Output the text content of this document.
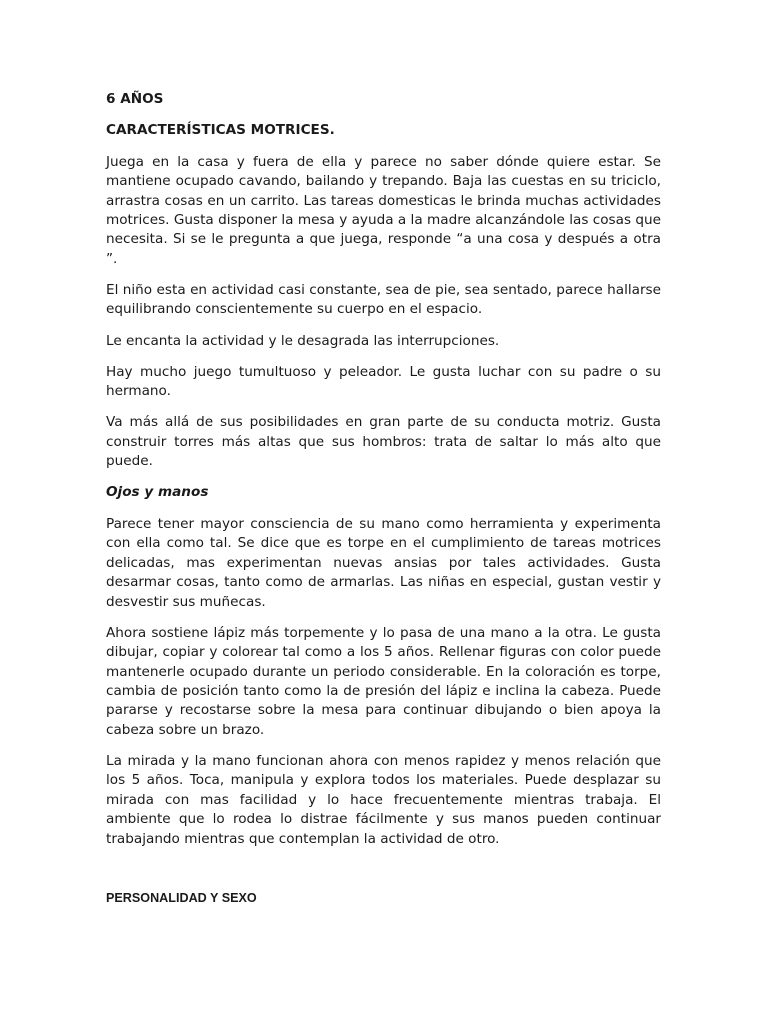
6 AÑOS

CARACTERÍSTICAS MOTRICES.

Juega en la casa y fuera de ella y parece no saber dónde quiere estar. Se mantiene ocupado cavando, bailando y trepando. Baja las cuestas en su triciclo, arrastra cosas en un carrito. Las tareas domesticas le brinda muchas actividades motrices. Gusta disponer la mesa y ayuda a la madre alcanzándole las cosas que necesita. Si se le pregunta a que juega, responde “a una cosa y después a otra ”.

El niño esta en actividad casi constante, sea de pie, sea sentado, parece hallarse equilibrando conscientemente su cuerpo en el espacio.

Le encanta la actividad y le desagrada las interrupciones.

Hay mucho juego tumultuoso y peleador. Le gusta luchar con su padre o su hermano.

Va más allá de sus posibilidades en gran parte de su conducta motriz. Gusta construir torres más altas que sus hombros: trata de saltar lo más alto que puede.

Ojos y manos

Parece tener mayor consciencia de su mano como herramienta y experimenta con ella como tal. Se dice que es torpe en el cumplimiento de tareas motrices delicadas, mas experimentan nuevas ansias por tales actividades. Gusta desarmar cosas, tanto como de armarlas. Las niñas en especial, gustan vestir y desvestir sus muñecas.

Ahora sostiene lápiz más torpemente y lo pasa de una mano a la otra. Le gusta dibujar, copiar y colorear tal como a los 5 años. Rellenar figuras con color puede mantenerle ocupado durante un periodo considerable. En la coloración es torpe, cambia de posición tanto como la de presión del lápiz e inclina la cabeza. Puede pararse y recostarse sobre la mesa para continuar dibujando o bien apoya la cabeza sobre un brazo.

La mirada y la mano funcionan ahora con menos rapidez y menos relación que los 5 años. Toca, manipula y explora todos los materiales. Puede desplazar su mirada con mas facilidad y lo hace frecuentemente mientras trabaja. El ambiente que lo rodea lo distrae fácilmente y sus manos pueden continuar trabajando mientras que contemplan la actividad de otro.

PERSONALIDAD Y SEXO
